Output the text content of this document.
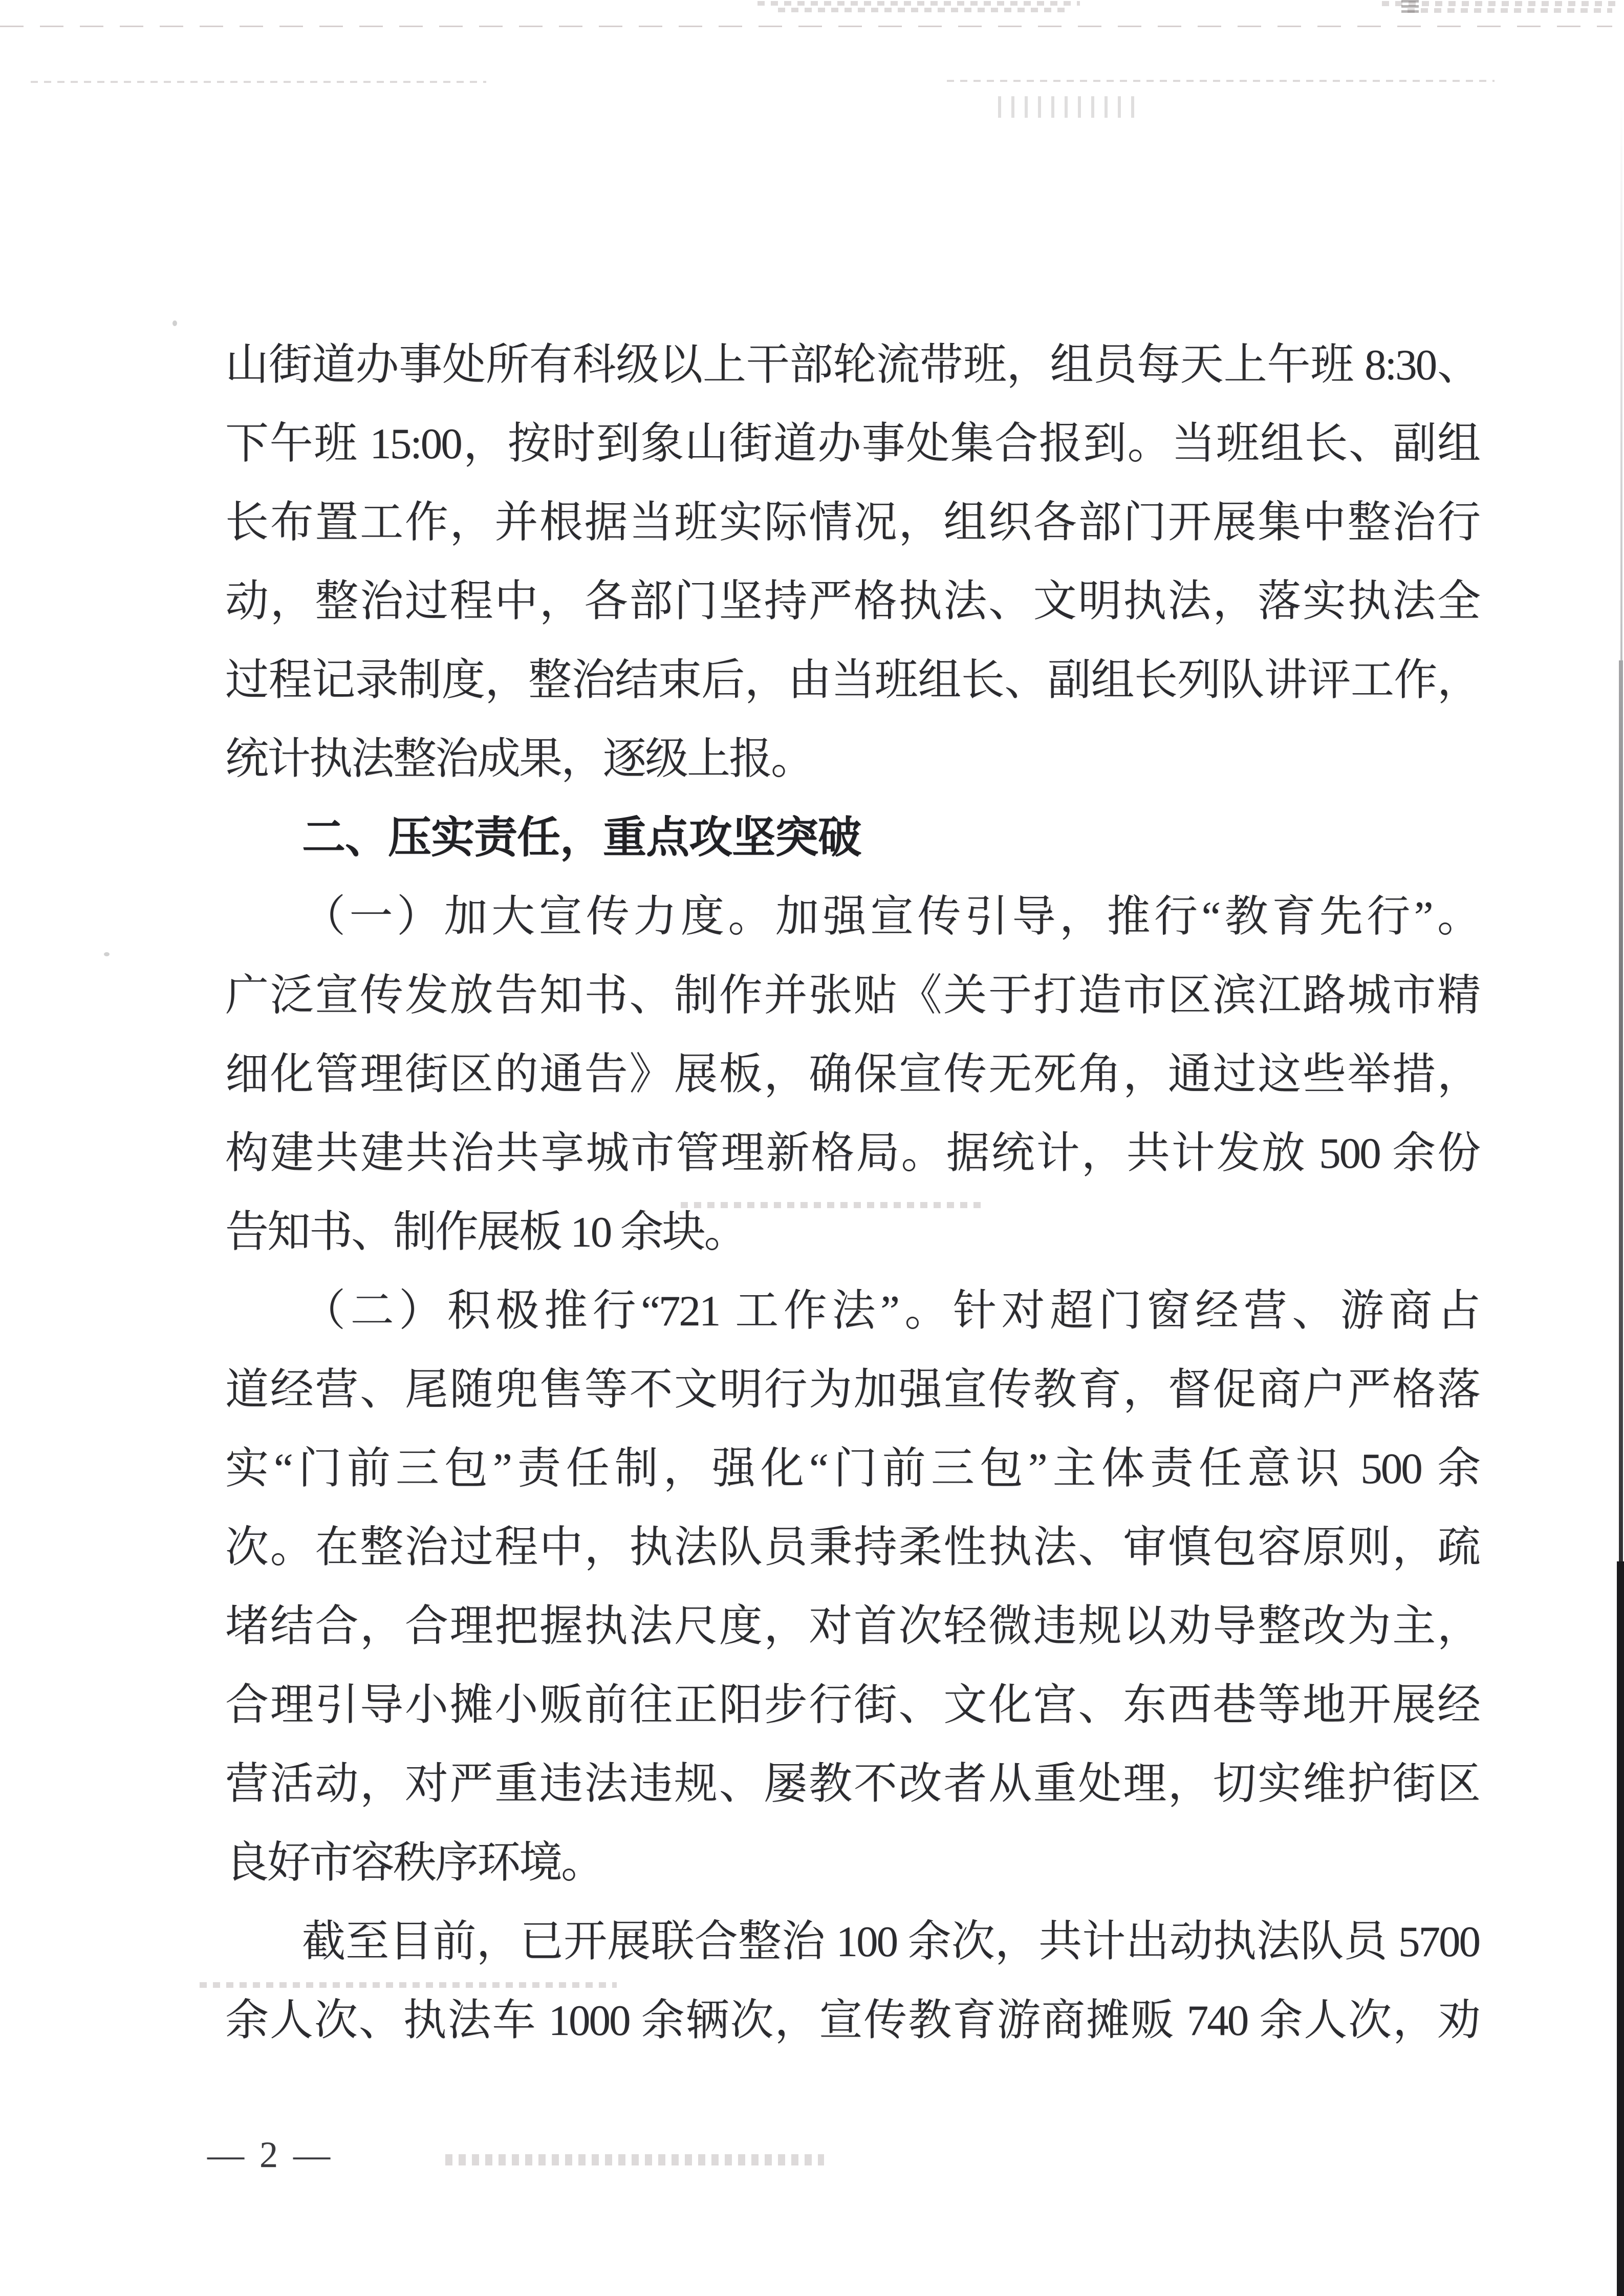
山街道办事处所有科级以上干部轮流带班，组员每天上午班 8:30、
下午班 15:00，按时到象山街道办事处集合报到。当班组长、副组
长布置工作，并根据当班实际情况，组织各部门开展集中整治行
动，整治过程中，各部门坚持严格执法、文明执法，落实执法全
过程记录制度，整治结束后，由当班组长、副组长列队讲评工作，
统计执法整治成果，逐级上报。
二、压实责任，重点攻坚突破
（一）加大宣传力度。加强宣传引导，推行“教育先行”。
广泛宣传发放告知书、制作并张贴《关于打造市区滨江路城市精
细化管理街区的通告》展板，确保宣传无死角，通过这些举措，
构建共建共治共享城市管理新格局。据统计，共计发放 500 余份
告知书、制作展板 10 余块。
（二）积极推行“721 工作法”。针对超门窗经营、游商占
道经营、尾随兜售等不文明行为加强宣传教育，督促商户严格落
实“门前三包”责任制，强化“门前三包”主体责任意识 500 余
次。在整治过程中，执法队员秉持柔性执法、审慎包容原则，疏
堵结合，合理把握执法尺度，对首次轻微违规以劝导整改为主，
合理引导小摊小贩前往正阳步行街、文化宫、东西巷等地开展经
营活动，对严重违法违规、屡教不改者从重处理，切实维护街区
良好市容秩序环境。
截至目前，已开展联合整治 100 余次，共计出动执法队员 5700
余人次、执法车 1000 余辆次，宣传教育游商摊贩 740 余人次，劝
— 2 —
